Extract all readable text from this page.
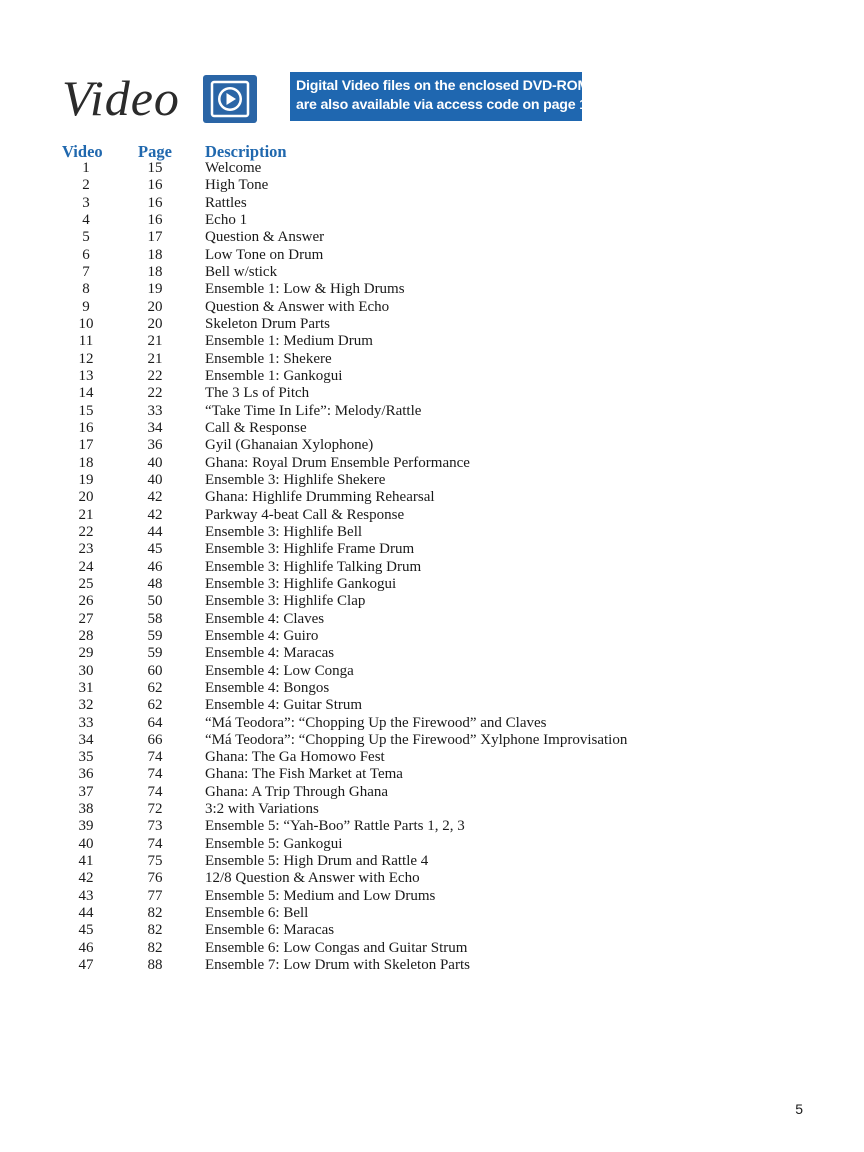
Video	Digital Video files on the enclosed DVD-ROM
are also available via access code on page 1.
Video	Page Description
1	15	Welcome
2	16	High Tone
3	16	Rattles
4	16	Echo 1
5	17	Question & Answer
6	18	Low Tone on Drum
7	18	Bell w/stick
8	19	Ensemble 1: Low & High Drums
9	20	Question & Answer with Echo
10	20	Skeleton Drum Parts
11	21	Ensemble 1: Medium Drum
12	21	Ensemble 1: Shekere
13	22	Ensemble 1: Gankogui
14	22	The 3 Ls of Pitch
15	33	“Take Time In Life”: Melody/Rattle
16	34	Call & Response
17	36	Gyil (Ghanaian Xylophone)
18	40	Ghana: Royal Drum Ensemble Performance
19	40	Ensemble 3: Highlife Shekere
20	42	Ghana: Highlife Drumming Rehearsal
21	42	Parkway 4-beat Call & Response
22	44	Ensemble 3: Highlife Bell
23	45	Ensemble 3: Highlife Frame Drum
24	46	Ensemble 3: Highlife Talking Drum
25	48	Ensemble 3: Highlife Gankogui
26	50	Ensemble 3: Highlife Clap
27	58	Ensemble 4: Claves
28	59	Ensemble 4: Guiro
29	59	Ensemble 4: Maracas
30	60	Ensemble 4: Low Conga
31	62	Ensemble 4: Bongos
32	62	Ensemble 4: Guitar Strum
33	64	“Má Teodora”: “Chopping Up the Firewood” and Claves
34	66	“Má Teodora”: “Chopping Up the Firewood” Xylphone Improvisation
35	74	Ghana: The Ga Homowo Fest
36	74	Ghana: The Fish Market at Tema
37	74	Ghana: A Trip Through Ghana
38	72	3:2 with Variations
39	73	Ensemble 5: “Yah-Boo” Rattle Parts 1, 2, 3
40	74	Ensemble 5: Gankogui
41	75	Ensemble 5: High Drum and Rattle 4
42	76	12/8 Question & Answer with Echo
43	77	Ensemble 5: Medium and Low Drums
44	82	Ensemble 6: Bell
45	82	Ensemble 6: Maracas
46	82	Ensemble 6: Low Congas and Guitar Strum
47	88	Ensemble 7: Low Drum with Skeleton Parts
5
